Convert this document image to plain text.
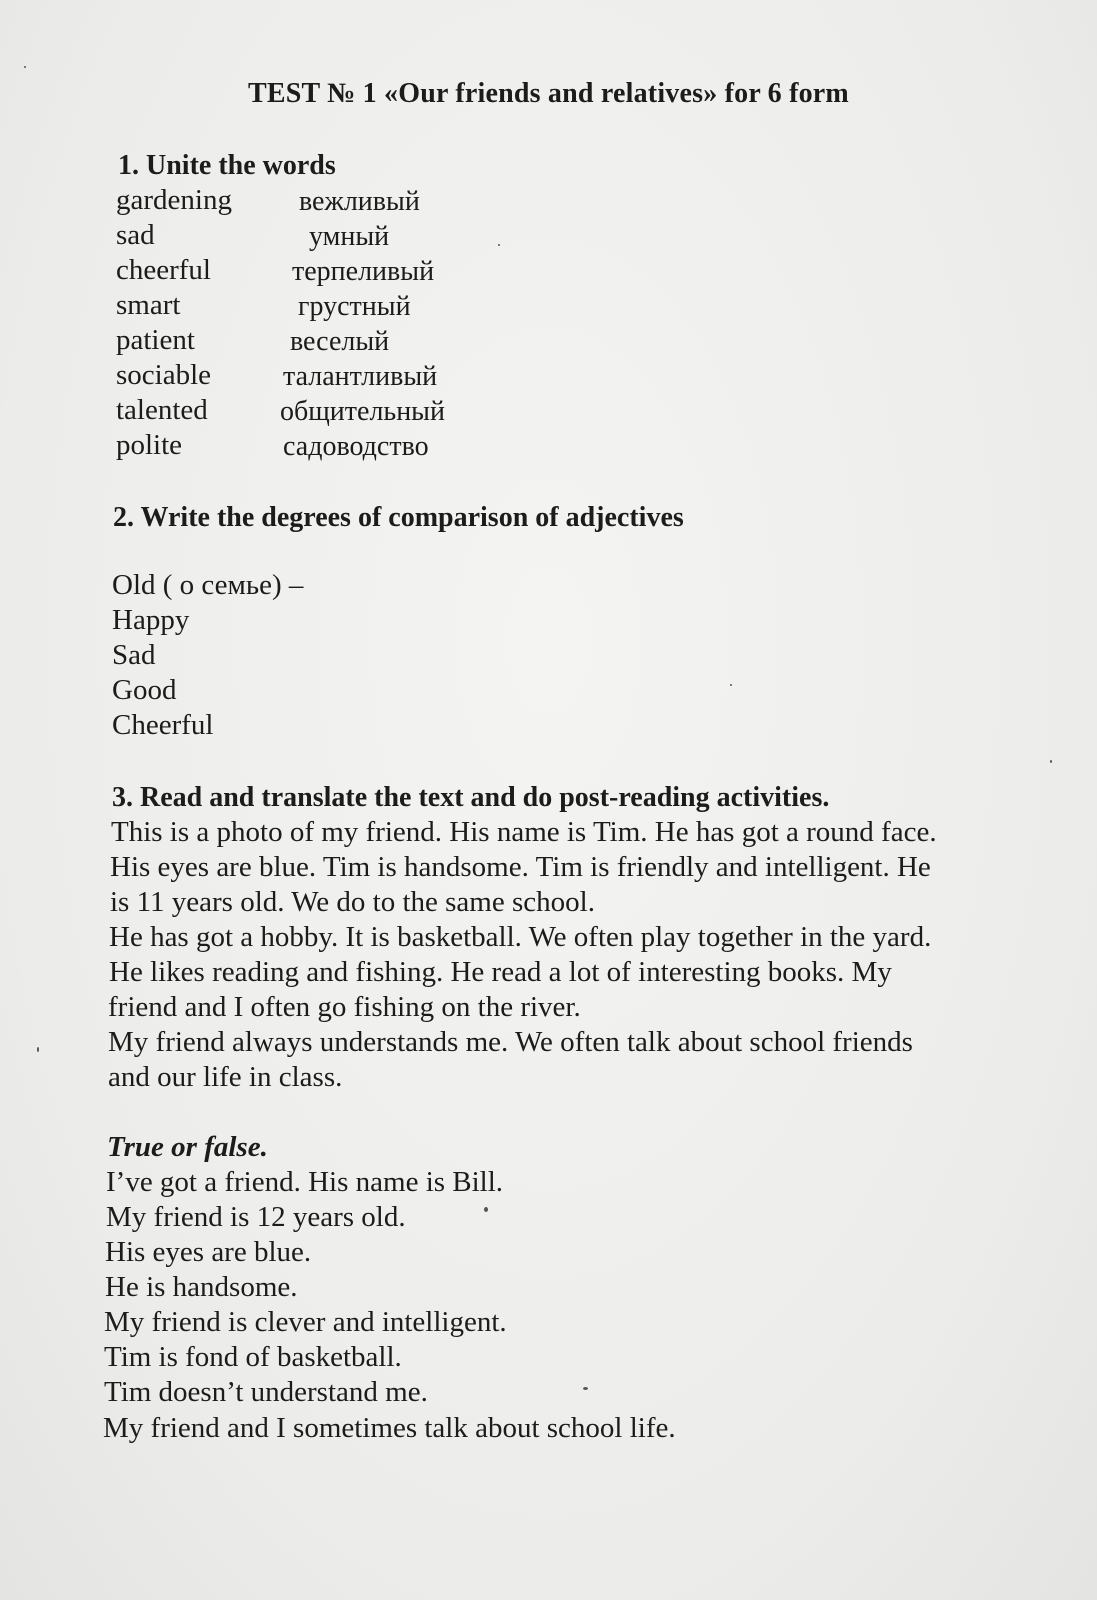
TEST № 1 «Our friends and relatives» for 6 form
1. Unite the words
gardening
sad
cheerful
smart
patient
sociable
talented
polite
вежливый
умный
терпеливый
грустный
веселый
талантливый
общительный
садоводство
2. Write the degrees of comparison of adjectives
Old ( о семье) –
Happy
Sad
Good
Cheerful
3. Read and translate the text and do post-reading activities.
This is a photo of my friend. His name is Tim. He has got a round face.
His eyes are blue. Tim is handsome. Tim is friendly and intelligent. He
is 11 years old. We do to the same school.
He has got a hobby. It is basketball. We often play together in the yard.
He likes reading and fishing. He read a lot of interesting books. My
friend and I often go fishing on the river.
My friend always understands me. We often talk about school friends
and our life in class.
True or false.
I’ve got a friend. His name is Bill.
My friend is 12 years old.
His eyes are blue.
He is handsome.
My friend is clever and intelligent.
Tim is fond of basketball.
Tim doesn’t understand me.
My friend and I sometimes talk about school life.
